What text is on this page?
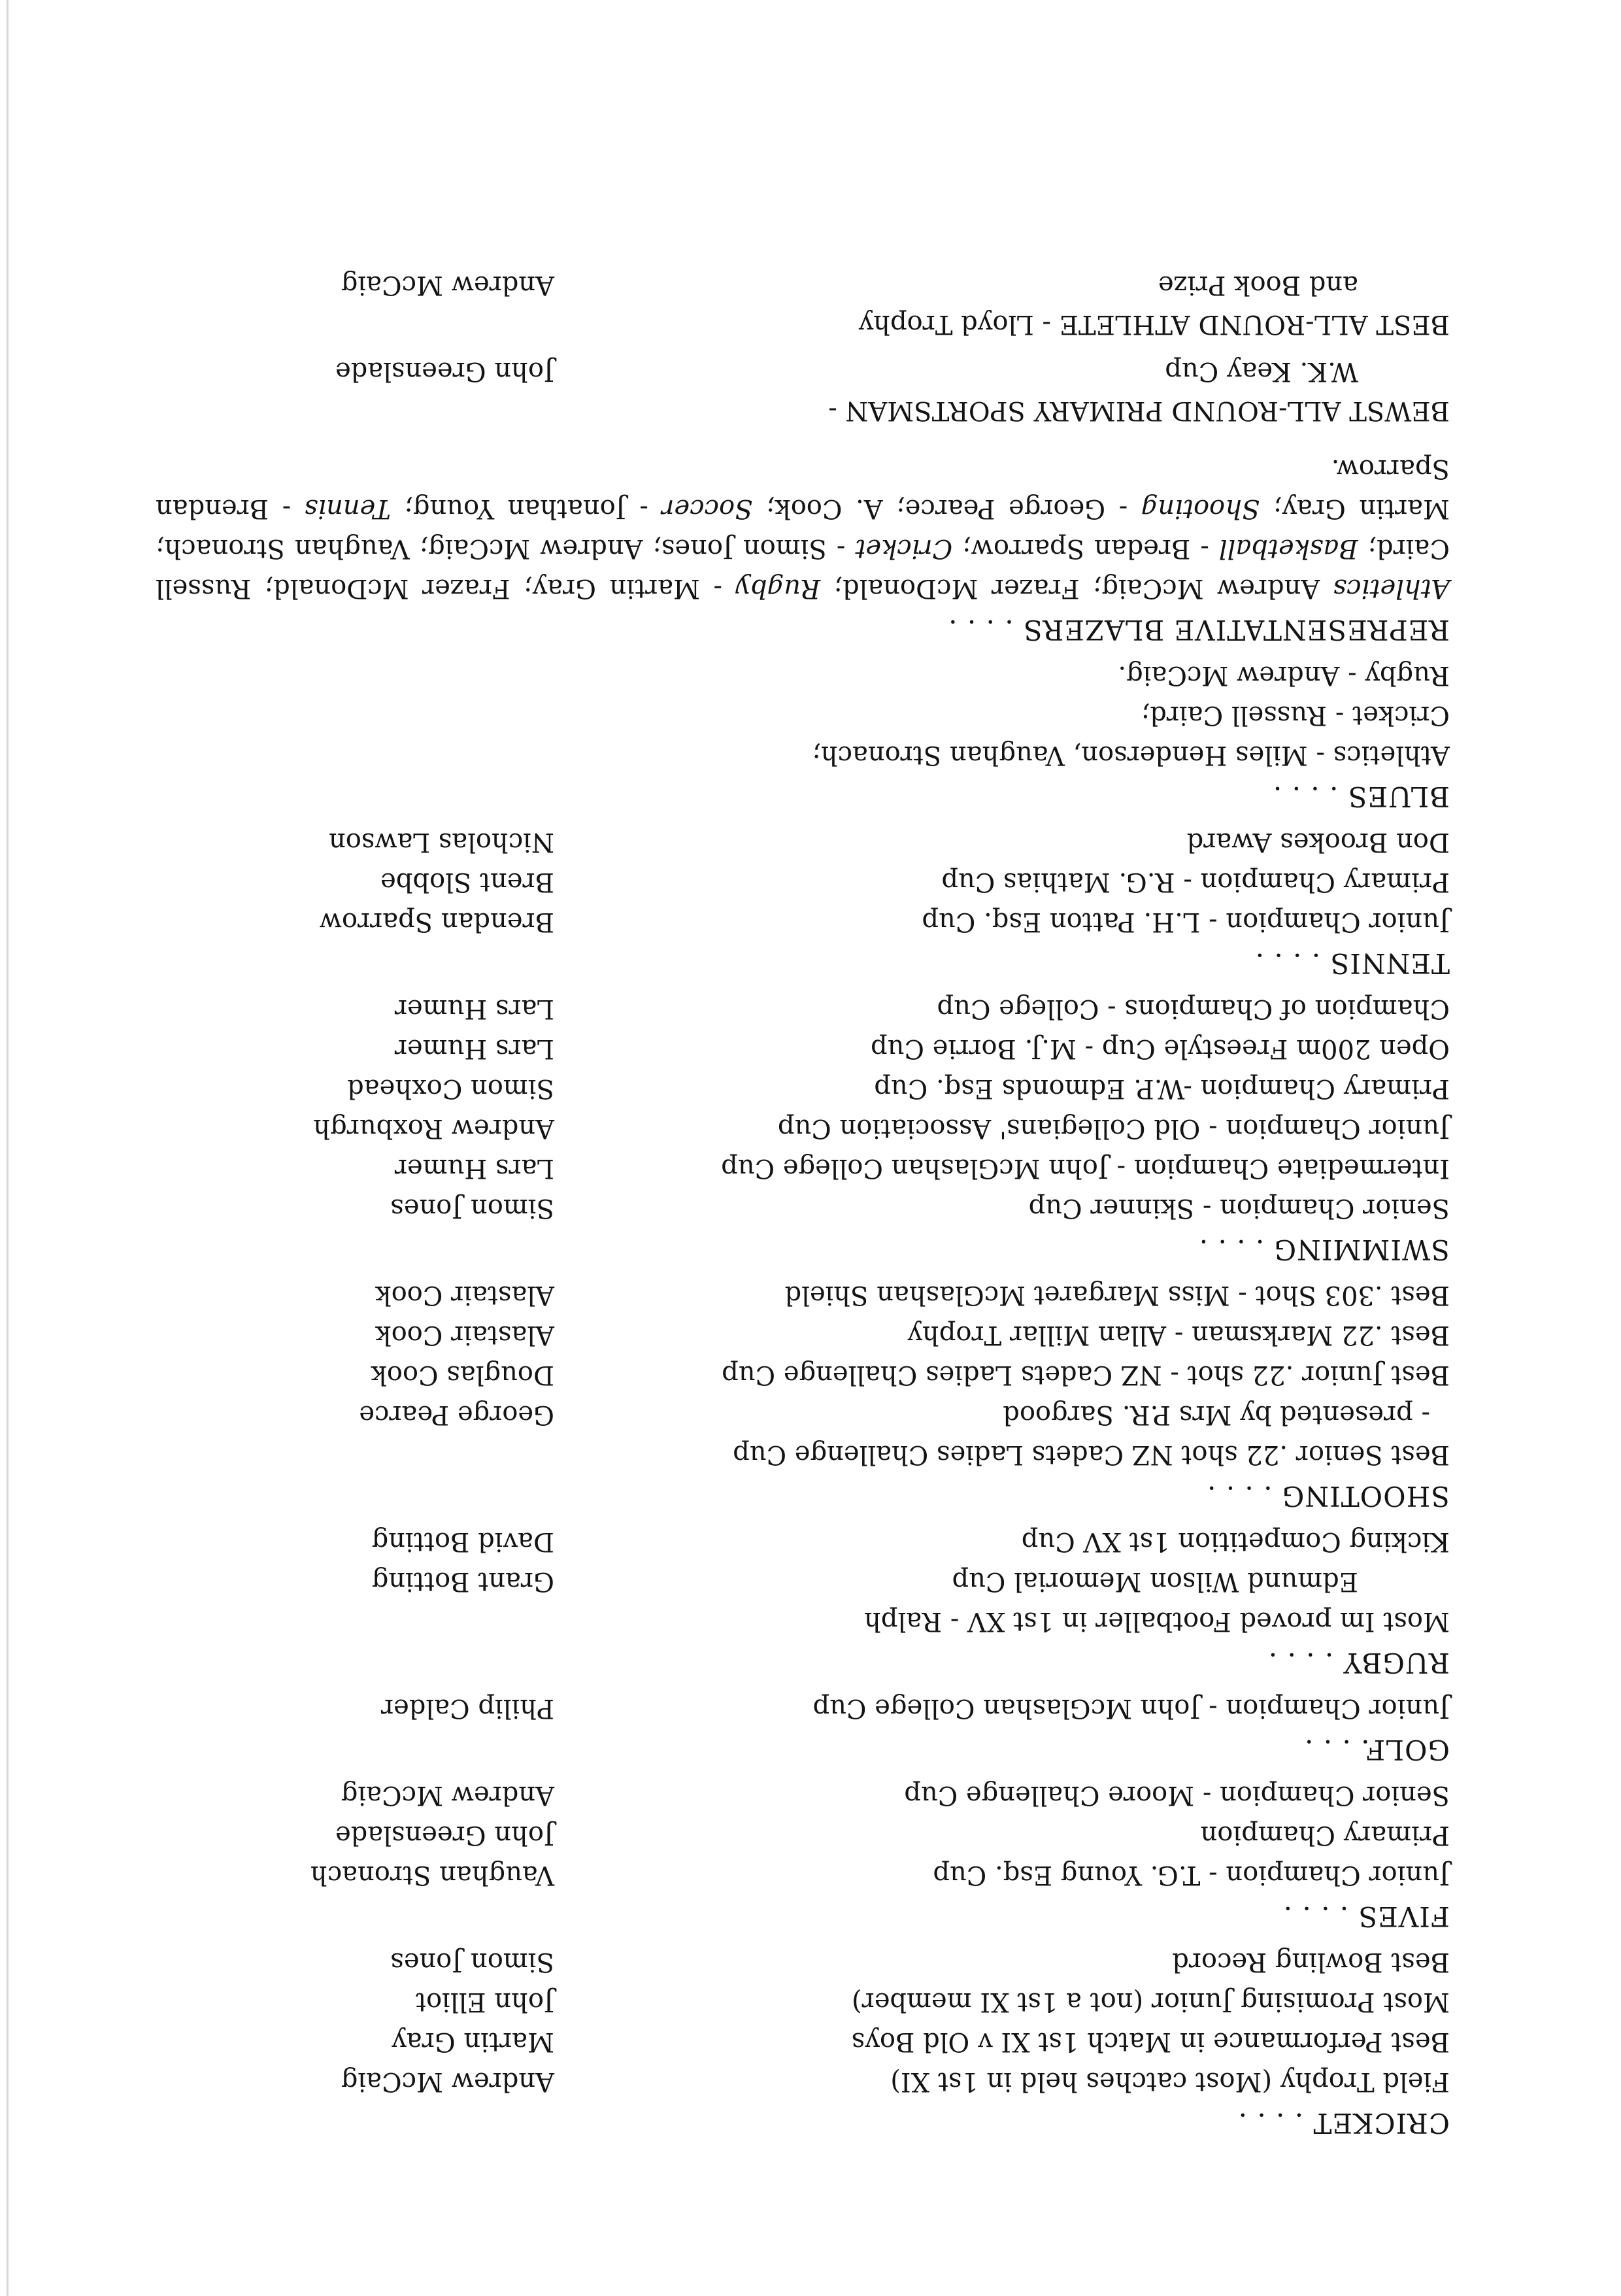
CRICKET . . . .
Field Trophy (Most catches held in 1st XI)
Andrew McCaig
Best Performance in Match 1st XI v Old Boys
Martin Gray
Most Promising Junior (not a 1st XI member)
John Elliot
Best Bowling Record
Simon Jones
FIVES . . . .
Junior Champion - T.G. Young Esq. Cup
Vaughan Stronach
Primary Champion
John Greenslade
Senior Champion - Moore Challenge Cup
Andrew McCaig
GOLF. . . .
Junior Champion - John McGlashan College Cup
Philip Calder
RUGBY . . . .
Most Im proved Footballer in 1st XV - Ralph
Edmund Wilson Memorial Cup
Grant Botting
Kicking Competition 1st XV Cup
David Botting
SHOOTING . . . .
Best Senior .22 shot NZ Cadets Ladies Challenge Cup
- presented by Mrs P.R. Sargood
George Pearce
Best Junior .22 shot - NZ Cadets Ladies Challenge Cup
Douglas Cook
Best .22 Marksman - Allan Millar Trophy
Alastair Cook
Best .303 Shot - Miss Margaret McGlashan Shield
Alastair Cook
SWIMMING . . . .
Senior Champion - Skinner Cup
Simon Jones
Intermediate Champion - John McGlashan College Cup
Lars Humer
Junior Champion - Old Collegians' Association Cup
Andrew Roxburgh
Primary Champion -W.P. Edmonds Esq. Cup
Simon Coxhead
Open 200m Freestyle Cup - M.J. Borrie Cup
Lars Humer
Champion of Champions - College Cup
Lars Humer
TENNIS . . . .
Junior Champion - L.H. Patton Esq. Cup
Brendan Sparrow
Primary Champion - R.G. Mathias Cup
Brent Slobbe
Don Brookes Award
Nicholas Lawson
BLUES . . . .
Athletics - Miles Henderson, Vaughan Stronach;
Cricket - Russell Caird;
Rugby - Andrew McCaig.
REPRESENTATIVE BLAZERS . . . .
Athletics Andrew McCaig; Frazer McDonald; Rugby - Martin Gray; Frazer McDonald; Russell Caird; Basketball - Bredan Sparrow; Cricket - Simon Jones; Andrew McCaig; Vaughan Stronach; Martin Gray; Shooting - George Pearce; A. Cook; Soccer - Jonathan Young; Tennis - Brendan Sparrow.
BEWST ALL-ROUND PRIMARY SPORTSMAN -
W.K. Keay Cup
John Greenslade
BEST ALL-ROUND ATHLETE - Lloyd Trophy
and Book Prize
Andrew McCaig
